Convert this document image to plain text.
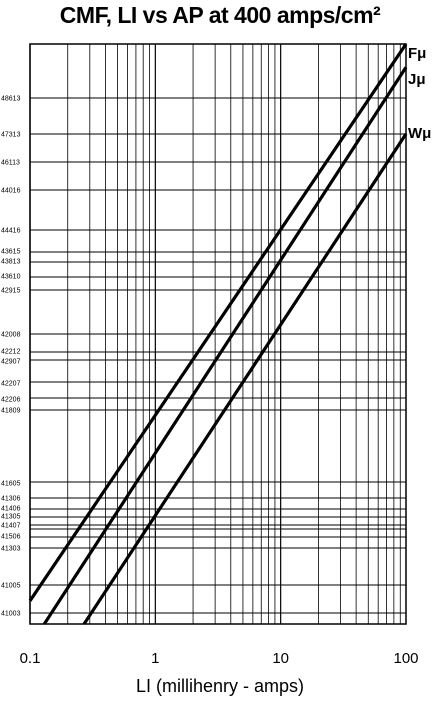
CMF, LI vs AP at 400 amps/cm²
48613
47313
46113
44016
44416
43615
43813
43610
42915
42008
42212
42907
42207
42206
41809
41605
41306
41406
41305
41407
41506
41303
41005
41003
0.1	1	10	100
Fμ
Jμ
Wμ
LI (millihenry - amps)
